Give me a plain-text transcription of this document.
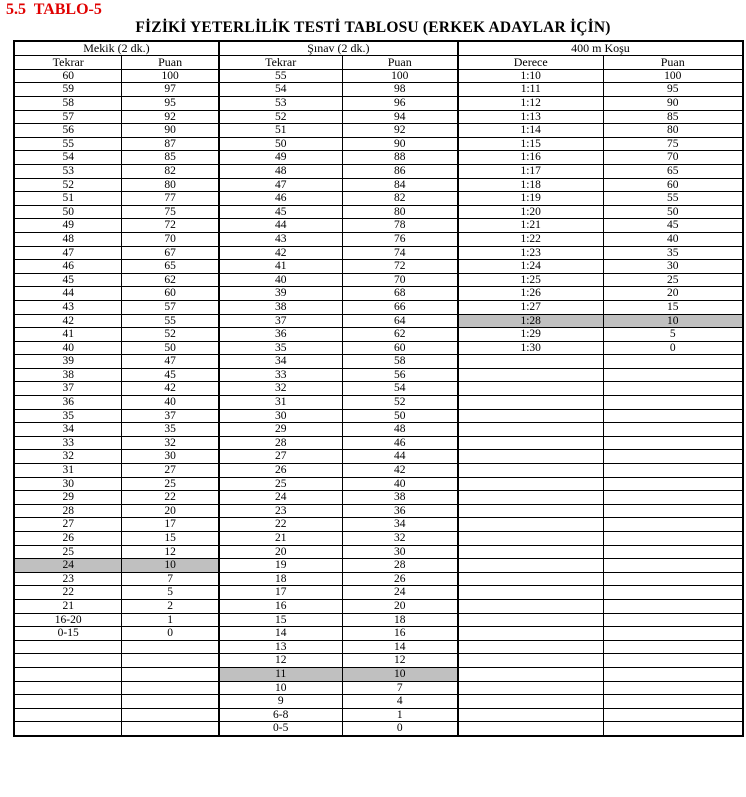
5.5  TABLO-5
FİZİKİ YETERLİLİK TESTİ TABLOSU (ERKEK ADAYLAR İÇİN)
Mekik (2 dk.)		Şınav (2 dk.)		400 m Koşu	
Tekrar	Puan	Tekrar	Puan	Derece	Puan
60	100	55	100	1:10	100
59	97	54	98	1:11	95
58	95	53	96	1:12	90
57	92	52	94	1:13	85
56	90	51	92	1:14	80
55	87	50	90	1:15	75
54	85	49	88	1:16	70
53	82	48	86	1:17	65
52	80	47	84	1:18	60
51	77	46	82	1:19	55
50	75	45	80	1:20	50
49	72	44	78	1:21	45
48	70	43	76	1:22	40
47	67	42	74	1:23	35
46	65	41	72	1:24	30
45	62	40	70	1:25	25
44	60	39	68	1:26	20
43	57	38	66	1:27	15
42	55	37	64	1:28	10
41	52	36	62	1:29	5
40	50	35	60	1:30	0
39	47	34	58		
38	45	33	56		
37	42	32	54		
36	40	31	52		
35	37	30	50		
34	35	29	48		
33	32	28	46		
32	30	27	44		
31	27	26	42		
30	25	25	40		
29	22	24	38		
28	20	23	36		
27	17	22	34		
26	15	21	32		
25	12	20	30		
24	10	19	28		
23	7	18	26		
22	5	17	24		
21	2	16	20		
16-20	1	15	18		
0-15	0	14	16		
		13	14		
		12	12		
		11	10		
		10	7		
		9	4		
		6-8	1		
		0-5	0		
